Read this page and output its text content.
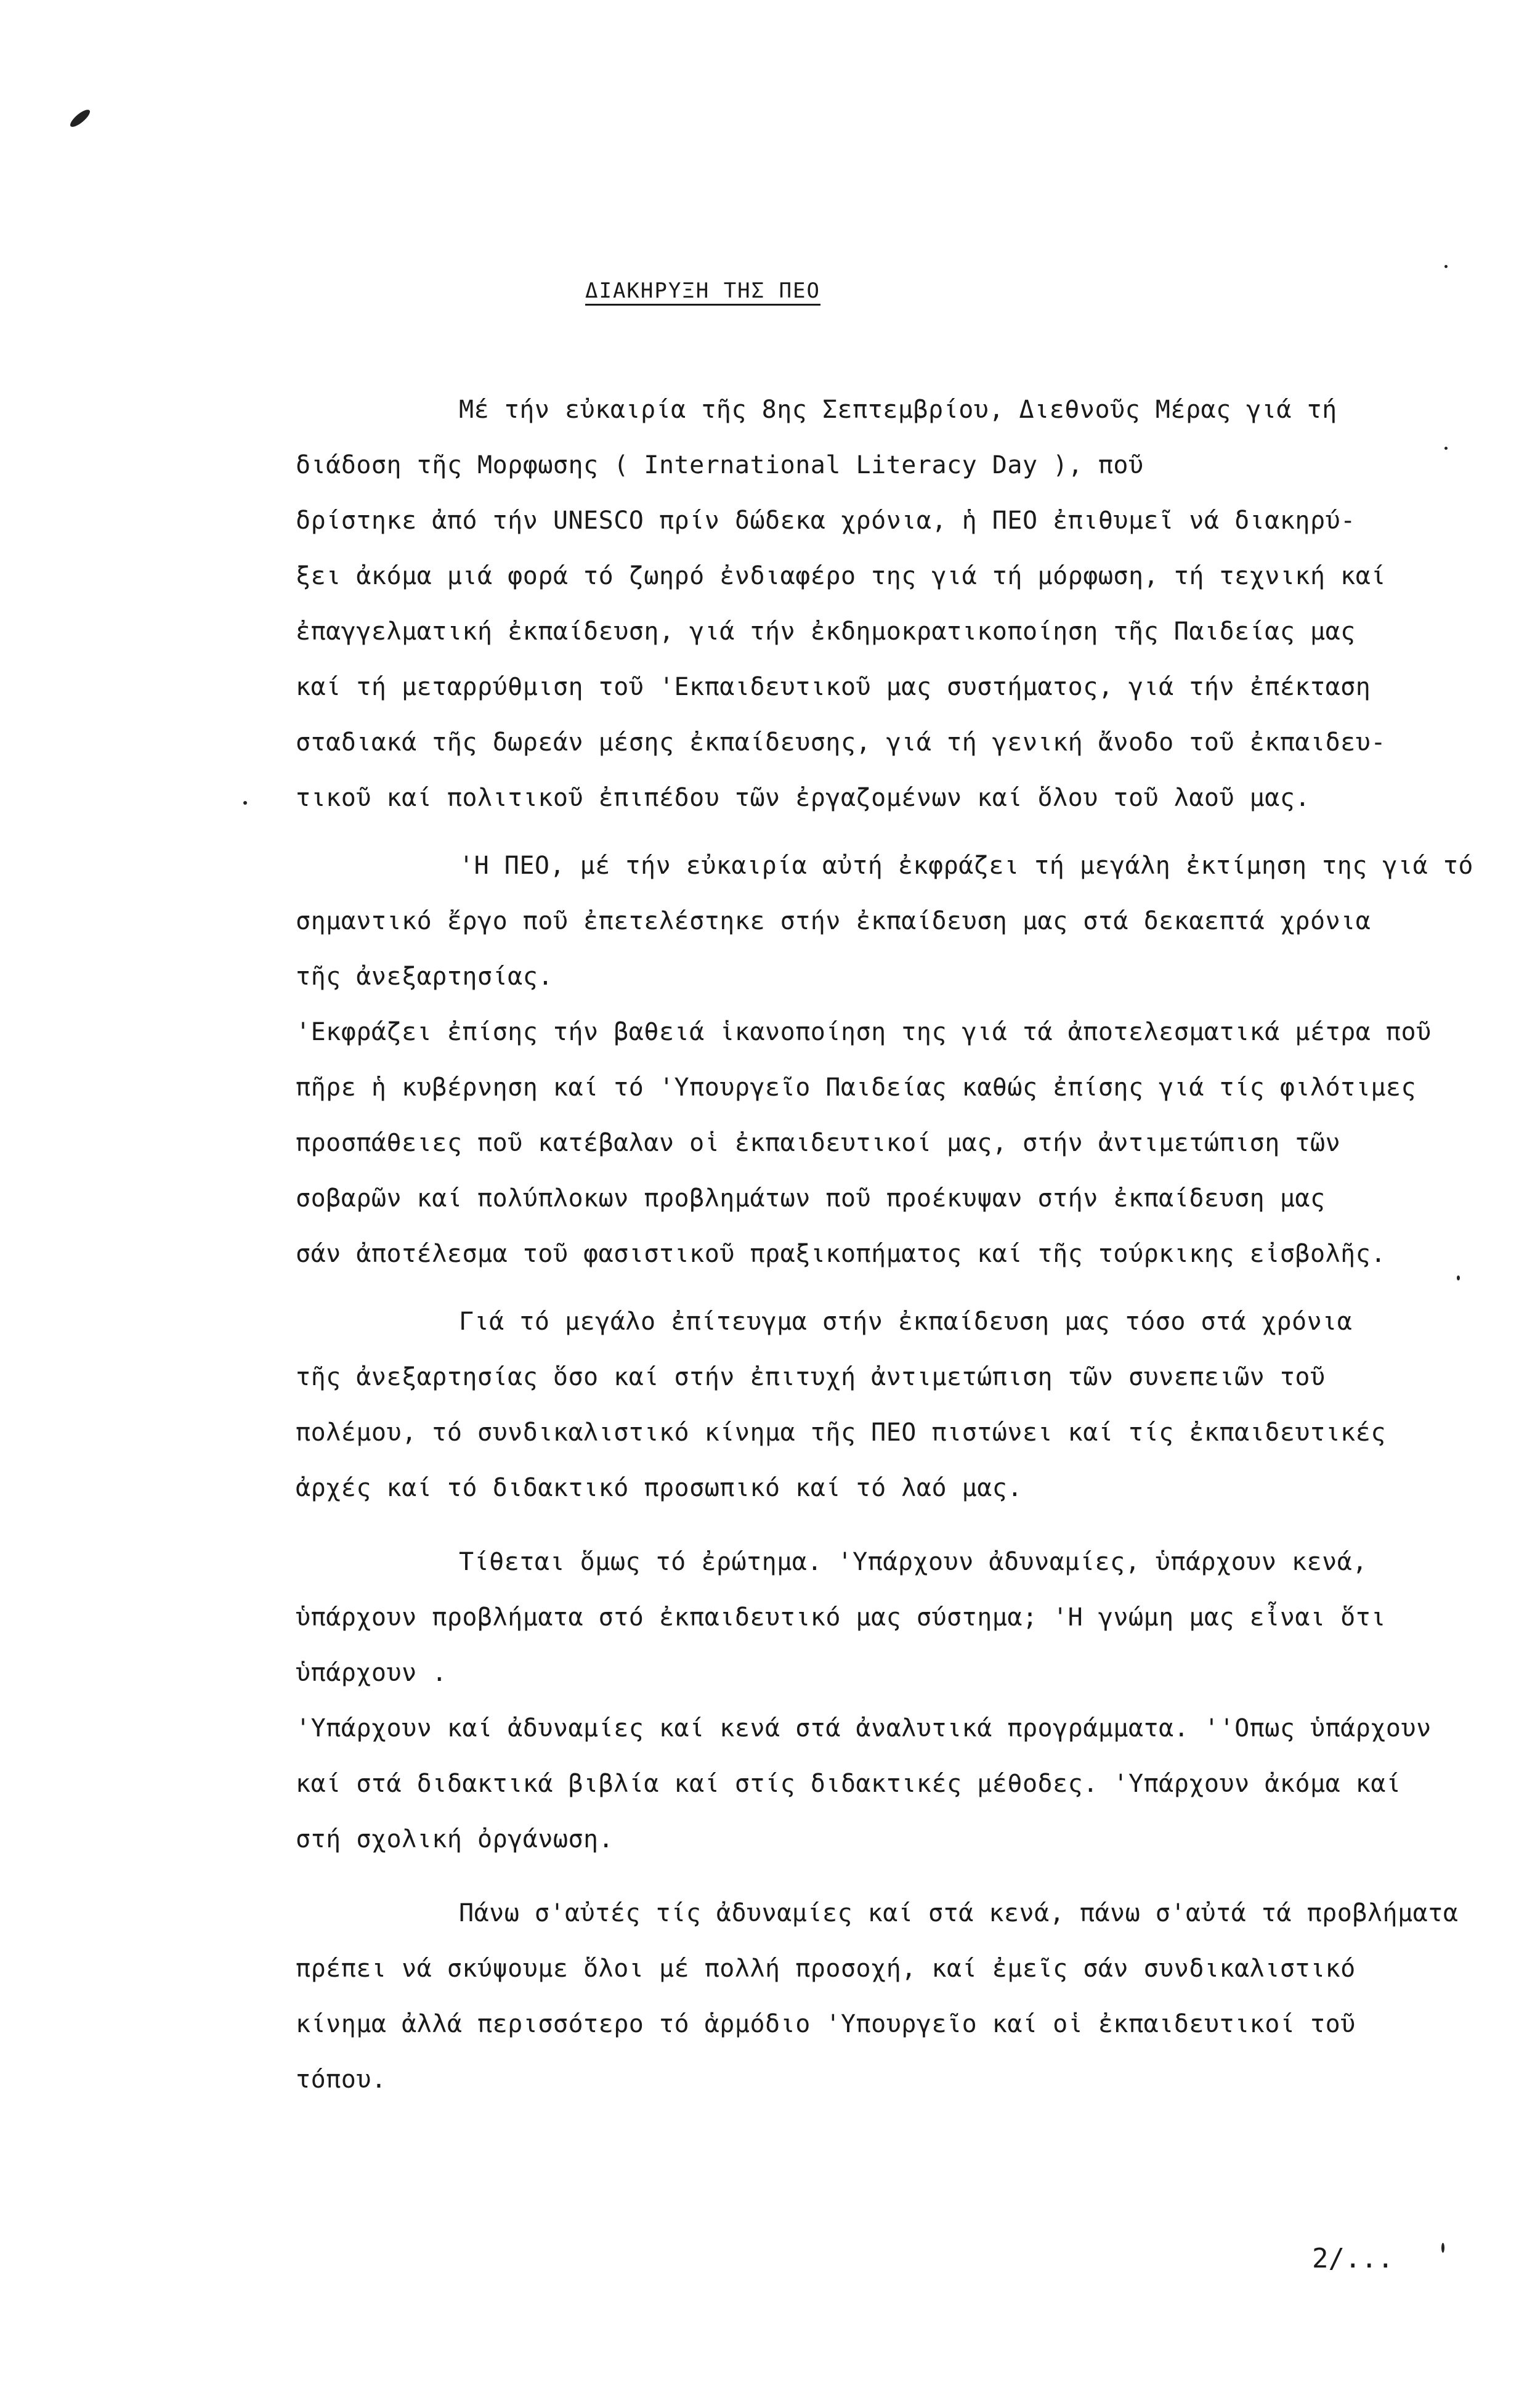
ΔΙΑΚΗΡΥΞΗ ΤΗΣ ΠΕΟ
Μέ τήν εὐκαιρία τῆς 8ης Σεπτεμβρίου, Διεθνοῦς Μέρας γιά τή
διάδοση τῆς Μορφωσης ( International Literacy Day ), ποῦ
δρίστηκε ἀπό τήν UNESCO πρίν δώδεκα χρόνια, ἡ ΠΕΟ ἐπιθυμεῖ νά διακηρύ-
ξει ἀκόμα μιά φορά τό ζωηρό ἐνδιαφέρο της γιά τή μόρφωση, τή τεχνική καί
ἐπαγγελματική ἐκπαίδευση, γιά τήν ἐκδημοκρατικοποίηση τῆς Παιδείας μας
καί τή μεταρρύθμιση τοῦ 'Εκπαιδευτικοῦ μας συστήματος, γιά τήν ἐπέκταση
σταδιακά τῆς δωρεάν μέσης ἐκπαίδευσης, γιά τή γενική ἄνοδο τοῦ ἐκπαιδευ-
τικοῦ καί πολιτικοῦ ἐπιπέδου τῶν ἐργαζομένων καί ὅλου τοῦ λαοῦ μας.
'Η ΠΕΟ, μέ τήν εὐκαιρία αὐτή ἐκφράζει τή μεγάλη ἐκτίμηση της γιά τό
σημαντικό ἔργο ποῦ ἐπετελέστηκε στήν ἐκπαίδευση μας στά δεκαεπτά χρόνια
τῆς ἀνεξαρτησίας.
'Εκφράζει ἐπίσης τήν βαθειά ἱκανοποίηση της γιά τά ἀποτελεσματικά μέτρα ποῦ
πῆρε ἡ κυβέρνηση καί τό 'Υπουργεῖο Παιδείας καθώς ἐπίσης γιά τίς φιλότιμες
προσπάθειες ποῦ κατέβαλαν οἱ ἐκπαιδευτικοί μας, στήν ἀντιμετώπιση τῶν
σοβαρῶν καί πολύπλοκων προβλημάτων ποῦ προέκυψαν στήν ἐκπαίδευση μας
σάν ἀποτέλεσμα τοῦ φασιστικοῦ πραξικοπήματος καί τῆς τούρκικης εἰσβολῆς.
Γιά τό μεγάλο ἐπίτευγμα στήν ἐκπαίδευση μας τόσο στά χρόνια
τῆς ἀνεξαρτησίας ὅσο καί στήν ἐπιτυχή ἀντιμετώπιση τῶν συνεπειῶν τοῦ
πολέμου, τό συνδικαλιστικό κίνημα τῆς ΠΕΟ πιστώνει καί τίς ἐκπαιδευτικές
ἀρχές καί τό διδακτικό προσωπικό καί τό λαό μας.
Τίθεται ὅμως τό ἐρώτημα. 'Υπάρχουν ἀδυναμίες, ὑπάρχουν κενά,
ὑπάρχουν προβλήματα στό ἐκπαιδευτικό μας σύστημα; 'Η γνώμη μας εἶναι ὅτι
ὑπάρχουν .
'Υπάρχουν καί ἀδυναμίες καί κενά στά ἀναλυτικά προγράμματα. ''Οπως ὑπάρχουν
καί στά διδακτικά βιβλία καί στίς διδακτικές μέθοδες. 'Υπάρχουν ἀκόμα καί
στή σχολική ὀργάνωση.
Πάνω σ'αὐτές τίς ἀδυναμίες καί στά κενά, πάνω σ'αὐτά τά προβλήματα
πρέπει νά σκύψουμε ὅλοι μέ πολλή προσοχή, καί ἐμεῖς σάν συνδικαλιστικό
κίνημα ἀλλά περισσότερο τό ἁρμόδιο 'Υπουργεῖο καί οἱ ἐκπαιδευτικοί τοῦ
τόπου.
2/...
